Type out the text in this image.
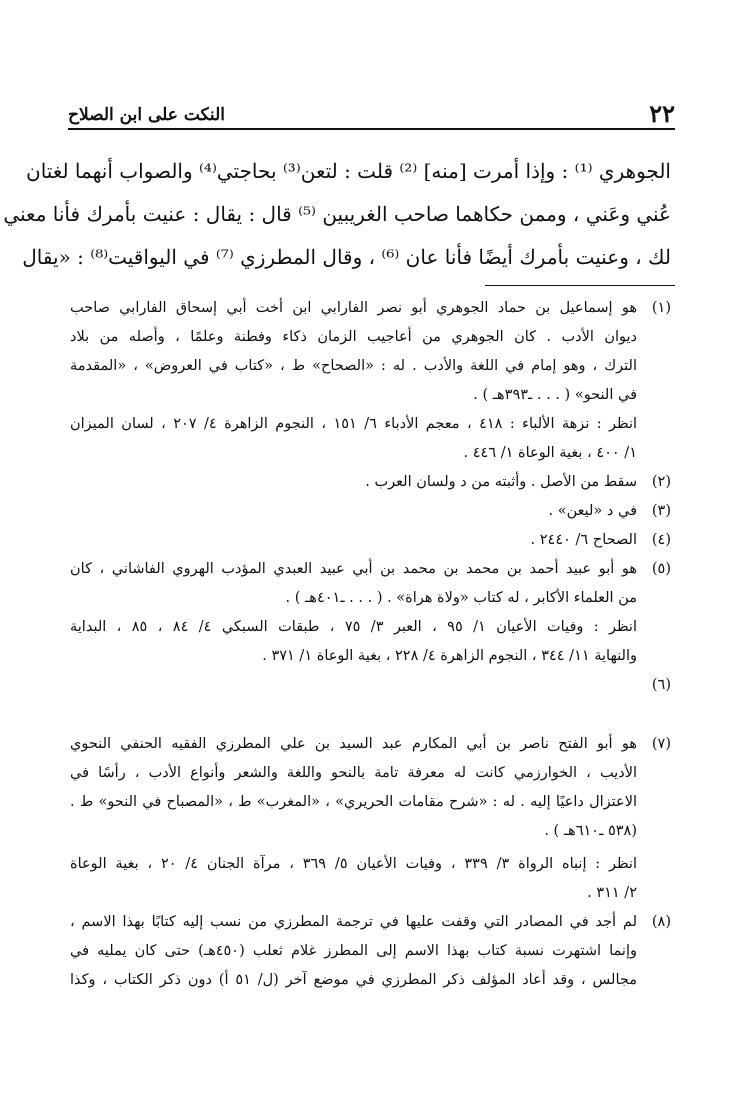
٢٢
النكت على ابن الصلاح
الجوهري ⁽¹⁾ : وإذا أمرت [منه] ⁽²⁾ قلت : لتعن⁽³⁾ بحاجتي⁽⁴⁾ والصواب أنهما لغتان
عُني وعَني ، وممن حكاهما صاحب الغريبين ⁽⁵⁾ قال : يقال : عنيت بأمرك فأنا معني
لك ، وعنيت بأمرك أيضًا فأنا عان ⁽⁶⁾ ، وقال المطرزي ⁽⁷⁾ في اليواقيت⁽⁸⁾ : «يقال
(١)
هو إسماعيل بن حماد الجوهري أبو نصر الفارابي ابن أخت أبي إسحاق الفارابي صاحب
ديوان الأدب . كان الجوهري من أعاجيب الزمان ذكاء وفطنة وعلمًا ، وأصله من بلاد
الترك ، وهو إمام في اللغة والأدب . له : «الصحاح» ط ، «كتاب في العروض» ، «المقدمة
في النحو» ( . . . ـ٣٩٣هـ ) .
انظر : نزهة الألباء : ٤١٨ ، معجم الأدباء ٦/ ١٥١ ، النجوم الزاهرة ٤/ ٢٠٧ ، لسان الميزان
١/ ٤٠٠ ، بغية الوعاة ١/ ٤٤٦ .
(٢)
سقط من الأصل . وأثبته من د ولسان العرب .
(٣)
في د «ليعن» .
(٤)
الصحاح ٦/ ٢٤٤٠ .
(٥)
هو أبو عبيد أحمد بن محمد بن محمد بن أبي عبيد العبدي المؤدب الهروي الفاشاني ، كان
من العلماء الأكابر ، له كتاب «ولاة هراة» . ( . . . ـ٤٠١هـ ) .
انظر : وفيات الأعيان ١/ ٩٥ ، العبر ٣/ ٧٥ ، طبقات السبكي ٤/ ٨٤ ، ٨٥ ، البداية
والنهاية ١١/ ٣٤٤ ، النجوم الزاهرة ٤/ ٢٢٨ ، بغية الوعاة ١/ ٣٧١ .
(٦)

(٧)
هو أبو الفتح ناصر بن أبي المكارم عبد السيد بن علي المطرزي الفقيه الحنفي النحوي
الأديب ، الخوارزمي كانت له معرفة تامة بالنحو واللغة والشعر وأنواع الأدب ، رأسًا في
الاعتزال داعيًا إليه . له : «شرح مقامات الحريري» ، «المغرب» ط ، «المصباح في النحو» ط .
(٥٣٨ ـ٦١٠هـ ) .
انظر : إنباه الرواة ٣/ ٣٣٩ ، وفيات الأعيان ٥/ ٣٦٩ ، مرآة الجنان ٤/ ٢٠ ، بغية الوعاة
٢/ ٣١١ .
(٨)
لم أجد في المصادر التي وقفت عليها في ترجمة المطرزي من نسب إليه كتابًا بهذا الاسم ،
وإنما اشتهرت نسبة كتاب بهذا الاسم إلى المطرز غلام ثعلب (٤٥٠هـ) حتى كان يمليه في
مجالس ، وقد أعاد المؤلف ذكر المطرزي في موضع آخر (ل/ ٥١ أ) دون ذكر الكتاب ، وكذا
